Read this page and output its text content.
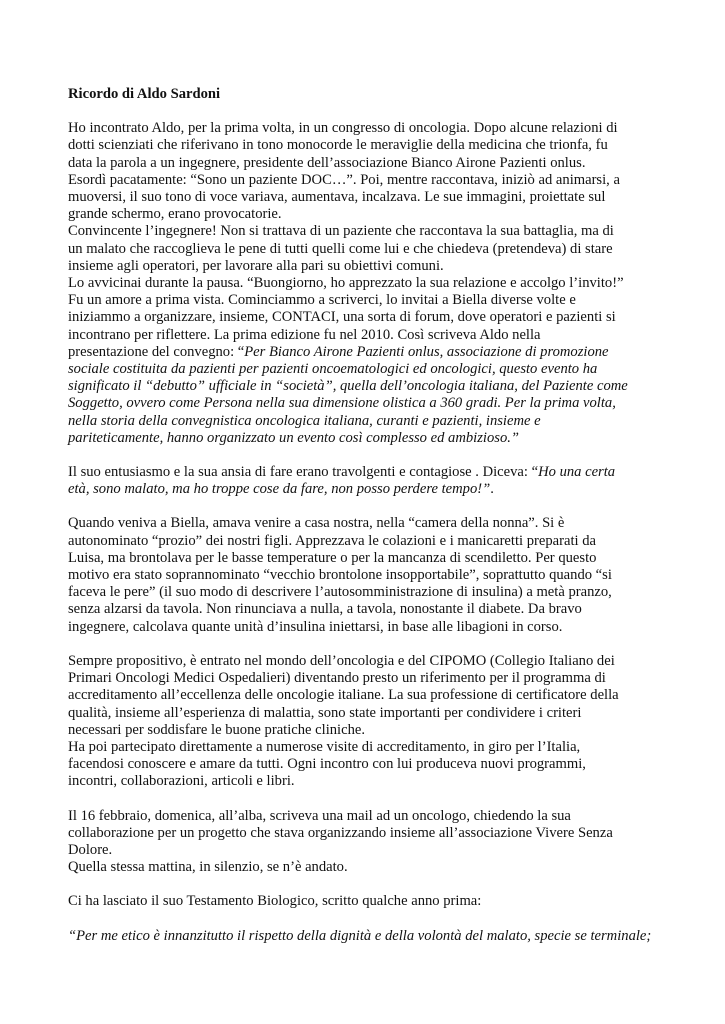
Ricordo di Aldo Sardoni
Ho incontrato Aldo, per la prima volta, in un congresso di oncologia. Dopo alcune relazioni di
dotti scienziati che riferivano in tono monocorde le meraviglie della medicina che trionfa, fu
data la parola a un ingegnere, presidente dell’associazione Bianco Airone Pazienti onlus.
Esordì pacatamente: “Sono un paziente DOC…”. Poi, mentre raccontava, iniziò ad animarsi, a
muoversi, il suo tono di voce variava, aumentava, incalzava. Le sue immagini, proiettate sul
grande schermo, erano provocatorie.
Convincente l’ingegnere! Non si trattava di un paziente che raccontava la sua battaglia, ma di
un malato che raccoglieva le pene di tutti quelli come lui e che chiedeva (pretendeva) di stare
insieme agli operatori, per lavorare alla pari su obiettivi comuni.
Lo avvicinai durante la pausa. “Buongiorno, ho apprezzato la sua relazione e accolgo l’invito!”
Fu un amore a prima vista. Cominciammo a scriverci, lo invitai a Biella diverse volte e
iniziammo a organizzare, insieme, CONTACI, una sorta di forum, dove operatori e pazienti si
incontrano per riflettere. La prima edizione fu nel 2010. Così scriveva Aldo nella
presentazione del convegno: “Per Bianco Airone Pazienti onlus, associazione di promozione
sociale costituita da pazienti per pazienti oncoematologici ed oncologici, questo evento ha
significato il “debutto” ufficiale in “società”, quella dell’oncologia italiana, del Paziente come
Soggetto, ovvero come Persona nella sua dimensione olistica a 360 gradi. Per la prima volta,
nella storia della convegnistica oncologica italiana, curanti e pazienti, insieme e
pariteticamente, hanno organizzato un evento così complesso ed ambizioso.”
Il suo entusiasmo e la sua ansia di fare erano travolgenti e contagiose . Diceva: “Ho una certa
età, sono malato, ma ho troppe cose da fare, non posso perdere tempo!”.
Quando veniva a Biella, amava venire a casa nostra, nella “camera della nonna”. Si è
autonominato “prozio” dei nostri figli. Apprezzava le colazioni e i manicaretti preparati da
Luisa, ma brontolava per le basse temperature o per la mancanza di scendiletto. Per questo
motivo era stato soprannominato “vecchio brontolone insopportabile”, soprattutto quando “si
faceva le pere” (il suo modo di descrivere l’autosomministrazione di insulina) a metà pranzo,
senza alzarsi da tavola. Non rinunciava a nulla, a tavola, nonostante il diabete. Da bravo
ingegnere, calcolava quante unità d’insulina iniettarsi, in base alle libagioni in corso.
Sempre propositivo, è entrato nel mondo dell’oncologia e del CIPOMO (Collegio Italiano dei
Primari Oncologi Medici Ospedalieri) diventando presto un riferimento per il programma di
accreditamento all’eccellenza delle oncologie italiane. La sua professione di certificatore della
qualità, insieme all’esperienza di malattia, sono state importanti per condividere i criteri
necessari per soddisfare le buone pratiche cliniche.
Ha poi partecipato direttamente a numerose visite di accreditamento, in giro per l’Italia,
facendosi conoscere e amare da tutti. Ogni incontro con lui produceva nuovi programmi,
incontri, collaborazioni, articoli e libri.
Il 16 febbraio, domenica, all’alba, scriveva una mail ad un oncologo, chiedendo la sua
collaborazione per un progetto che stava organizzando insieme all’associazione Vivere Senza
Dolore.
Quella stessa mattina, in silenzio, se n’è andato.
Ci ha lasciato il suo Testamento Biologico, scritto qualche anno prima:
“Per me etico è innanzitutto il rispetto della dignità e della volontà del malato, specie se terminale;
